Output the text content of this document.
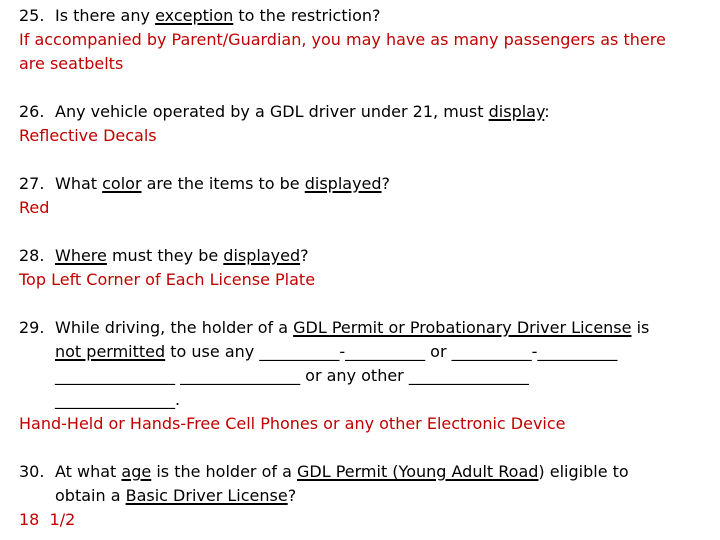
25. Is there any exception to the restriction?
If accompanied by Parent/Guardian, you may have as many passengers as there
are seatbelts
26. Any vehicle operated by a GDL driver under 21, must display:
Reflective Decals
27. What color are the items to be displayed?
Red
28. Where must they be displayed?
Top Left Corner of Each License Plate
29. While driving, the holder of a GDL Permit or Probationary Driver License is
not permitted to use any __________-__________ or __________-__________
_______________ _______________ or any other _______________
_______________.
Hand-Held or Hands-Free Cell Phones or any other Electronic Device
30. At what age is the holder of a GDL Permit (Young Adult Road) eligible to
obtain a Basic Driver License?
18  1/2
